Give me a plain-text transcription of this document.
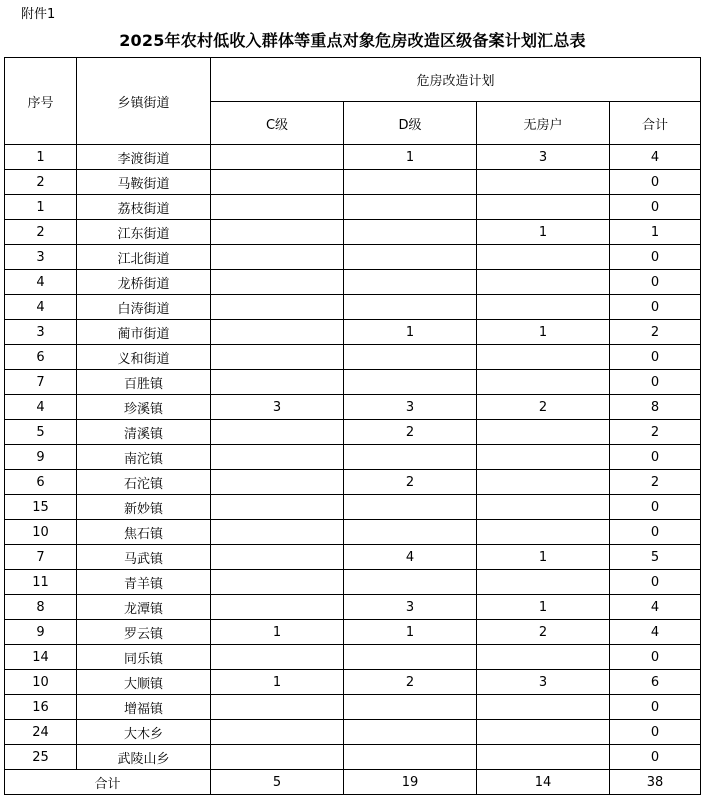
附件1
2025年农村低收入群体等重点对象危房改造区级备案计划汇总表
序号	乡镇街道	危房改造计划			
		C级	D级	无房户	合计
1	李渡街道		1	3	4
2	马鞍街道				0
1	荔枝街道				0
2	江东街道			1	1
3	江北街道				0
4	龙桥街道				0
4	白涛街道				0
3	蔺市街道		1	1	2
6	义和街道				0
7	百胜镇				0
4	珍溪镇	3	3	2	8
5	清溪镇		2		2
9	南沱镇				0
6	石沱镇		2		2
15	新妙镇				0
10	焦石镇				0
7	马武镇		4	1	5
11	青羊镇				0
8	龙潭镇		3	1	4
9	罗云镇	1	1	2	4
14	同乐镇				0
10	大顺镇	1	2	3	6
16	增福镇				0
24	大木乡				0
25	武陵山乡				0
合计		5	19	14	38
